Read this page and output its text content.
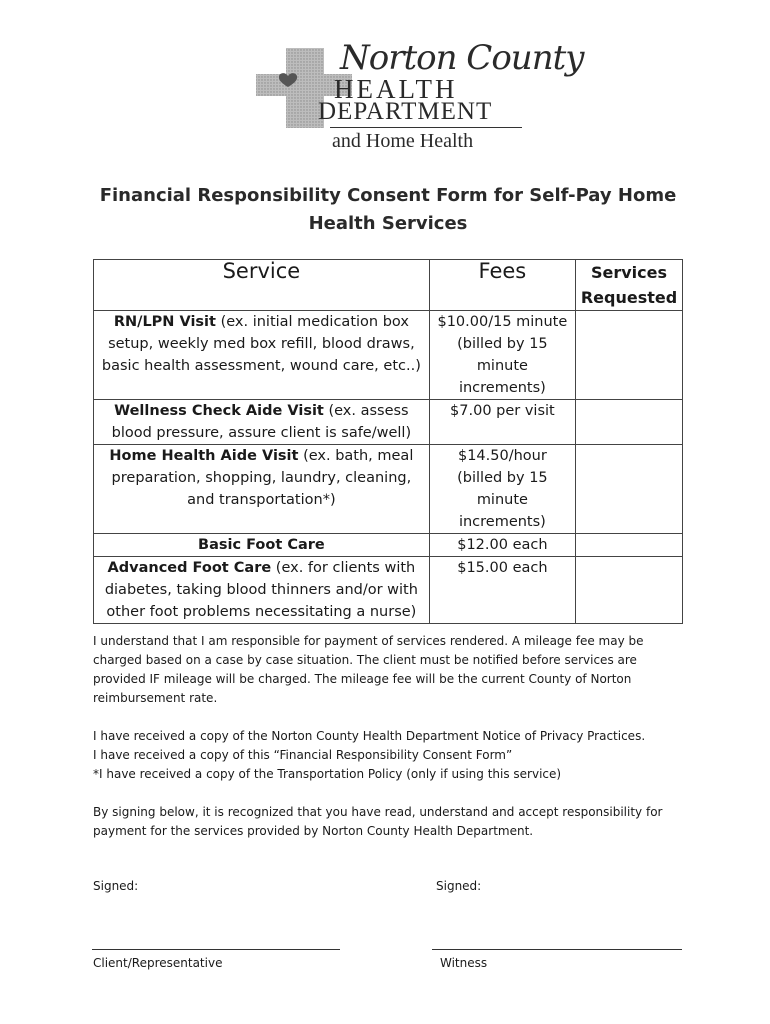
Norton County
HEALTH
DEPARTMENT
and Home Health
Financial Responsibility Consent Form for Self-Pay Home Health Services
Service	Fees	Services Requested
RN/LPN Visit (ex. initial medication box setup, weekly med box refill, blood draws, basic health assessment, wound care, etc..)	$10.00/15 minute (billed by 15 minute increments)	
Wellness Check Aide Visit (ex. assess blood pressure, assure client is safe/well)	$7.00 per visit	
Home Health Aide Visit (ex. bath, meal preparation, shopping, laundry, cleaning, and transportation*)	$14.50/hour (billed by 15 minute increments)	
Basic Foot Care	$12.00 each	
Advanced Foot Care (ex. for clients with diabetes, taking blood thinners and/or with other foot problems necessitating a nurse)	$15.00 each	
I understand that I am responsible for payment of services rendered. A mileage fee may be charged based on a case by case situation. The client must be notified before services are provided IF mileage will be charged. The mileage fee will be the current County of Norton reimbursement rate.
I have received a copy of the Norton County Health Department Notice of Privacy Practices.
I have received a copy of this “Financial Responsibility Consent Form”
*I have received a copy of the Transportation Policy (only if using this service)
By signing below, it is recognized that you have read, understand and accept responsibility for payment for the services provided by Norton County Health Department.
Signed:	Signed:
Client/Representative	Witness
